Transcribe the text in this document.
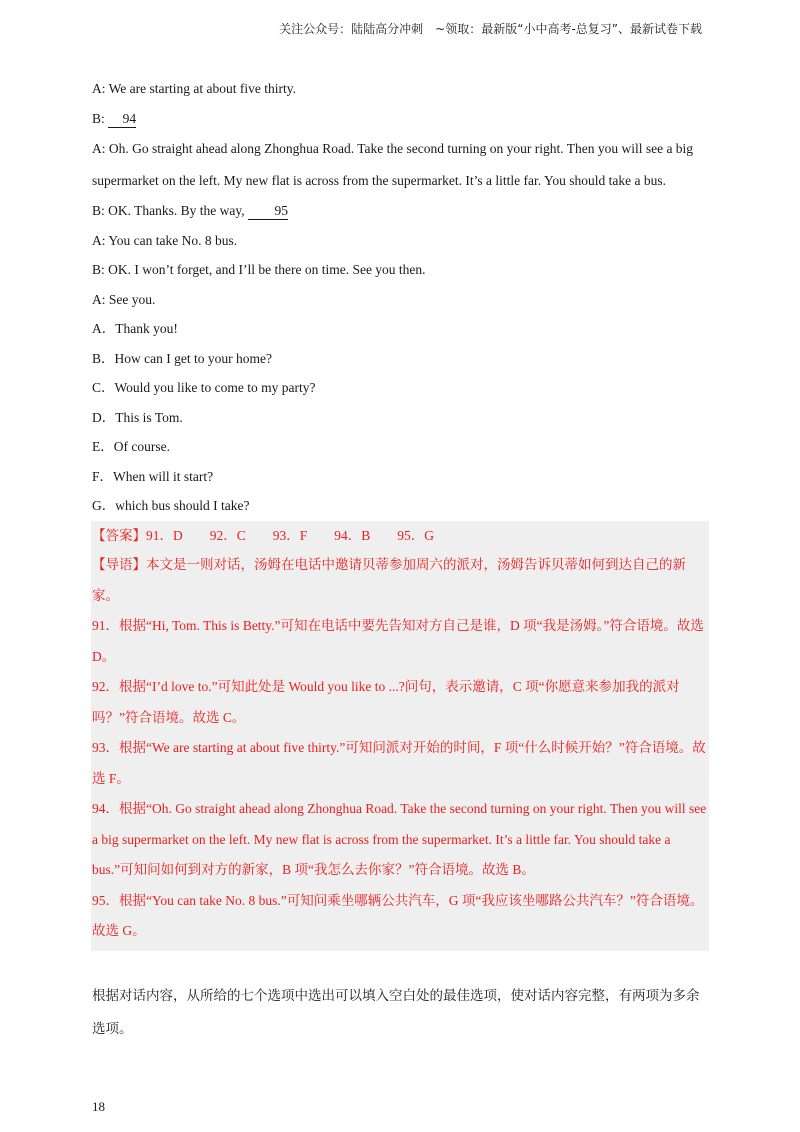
关注公众号：陆陆高分冲刺　~领取：最新版“小中高考-总复习”、最新试卷下载
A: We are starting at about five thirty.
B: 94
A: Oh. Go straight ahead along Zhonghua Road. Take the second turning on your right. Then you will see a big supermarket on the left. My new flat is across from the supermarket. It’s a little far. You should take a bus.
B: OK. Thanks. By the way, 95
A: You can take No. 8 bus.
B: OK. I won’t forget, and I’ll be there on time. See you then.
A: See you.
A．Thank you!
B．How can I get to your home?
C．Would you like to come to my party?
D．This is Tom.
E．Of course.
F．When will it start?
G．which bus should I take?
【答案】91．D　　92．C　　93．F　　94．B　　95．G
【导语】本文是一则对话，汤姆在电话中邀请贝蒂参加周六的派对，汤姆告诉贝蒂如何到达自己的新家。
91．根据“Hi, Tom. This is Betty.”可知在电话中要先告知对方自己是谁，D 项“我是汤姆。”符合语境。故选 D。
92．根据“I’d love to.”可知此处是 Would you like to ...?问句，表示邀请，C 项“你愿意来参加我的派对吗？”符合语境。故选 C。
93．根据“We are starting at about five thirty.”可知问派对开始的时间，F 项“什么时候开始？”符合语境。故选 F。
94．根据“Oh. Go straight ahead along Zhonghua Road. Take the second turning on your right. Then you will see a big supermarket on the left. My new flat is across from the supermarket. It’s a little far. You should take a bus.”可知问如何到对方的新家，B 项“我怎么去你家？”符合语境。故选 B。
95．根据“You can take No. 8 bus.”可知问乘坐哪辆公共汽车，G 项“我应该坐哪路公共汽车？”符合语境。故选 G。
根据对话内容，从所给的七个选项中选出可以填入空白处的最佳选项，使对话内容完整，有两项为多余选项。
18
